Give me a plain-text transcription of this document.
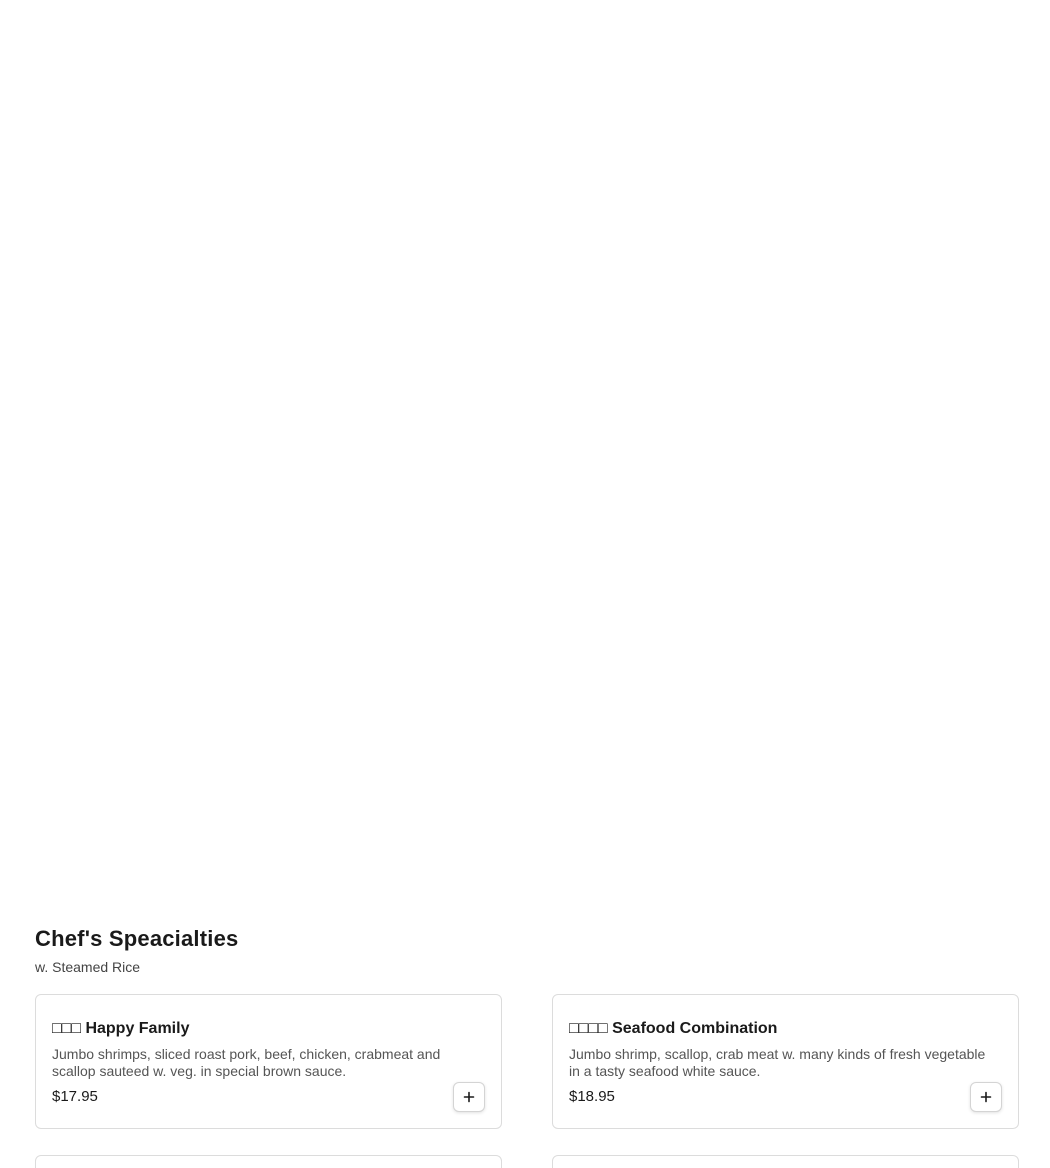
Chef's Speacialties
w. Steamed Rice
□□□ Happy Family
Jumbo shrimps, sliced roast pork, beef, chicken, crabmeat and scallop sauteed w. veg. in special brown sauce.
$17.95
□□□□ Seafood Combination
Jumbo shrimp, scallop, crab meat w. many kinds of fresh vegetable in a tasty seafood white sauce.
$18.95
